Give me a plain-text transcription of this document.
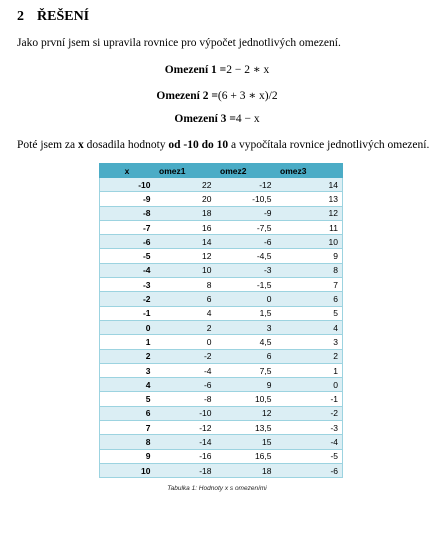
2 ŘEŠENÍ
Jako první jsem si upravila rovnice pro výpočet jednotlivých omezení.
Omezení 1 =2 − 2 ∗ x
Omezení 2 =(6 + 3 ∗ x)/2
Omezení 3 =4 − x
Poté jsem za x dosadila hodnoty od -10 do 10 a vypočítala rovnice jednotlivých omezení.
x	omez1	omez2	omez3
-10	22	-12	14
-9	20	-10,5	13
-8	18	-9	12
-7	16	-7,5	11
-6	14	-6	10
-5	12	-4,5	9
-4	10	-3	8
-3	8	-1,5	7
-2	6	0	6
-1	4	1,5	5
0	2	3	4
1	0	4,5	3
2	-2	6	2
3	-4	7,5	1
4	-6	9	0
5	-8	10,5	-1
6	-10	12	-2
7	-12	13,5	-3
8	-14	15	-4
9	-16	16,5	-5
10	-18	18	-6
Tabulka 1: Hodnoty x s omezeními
